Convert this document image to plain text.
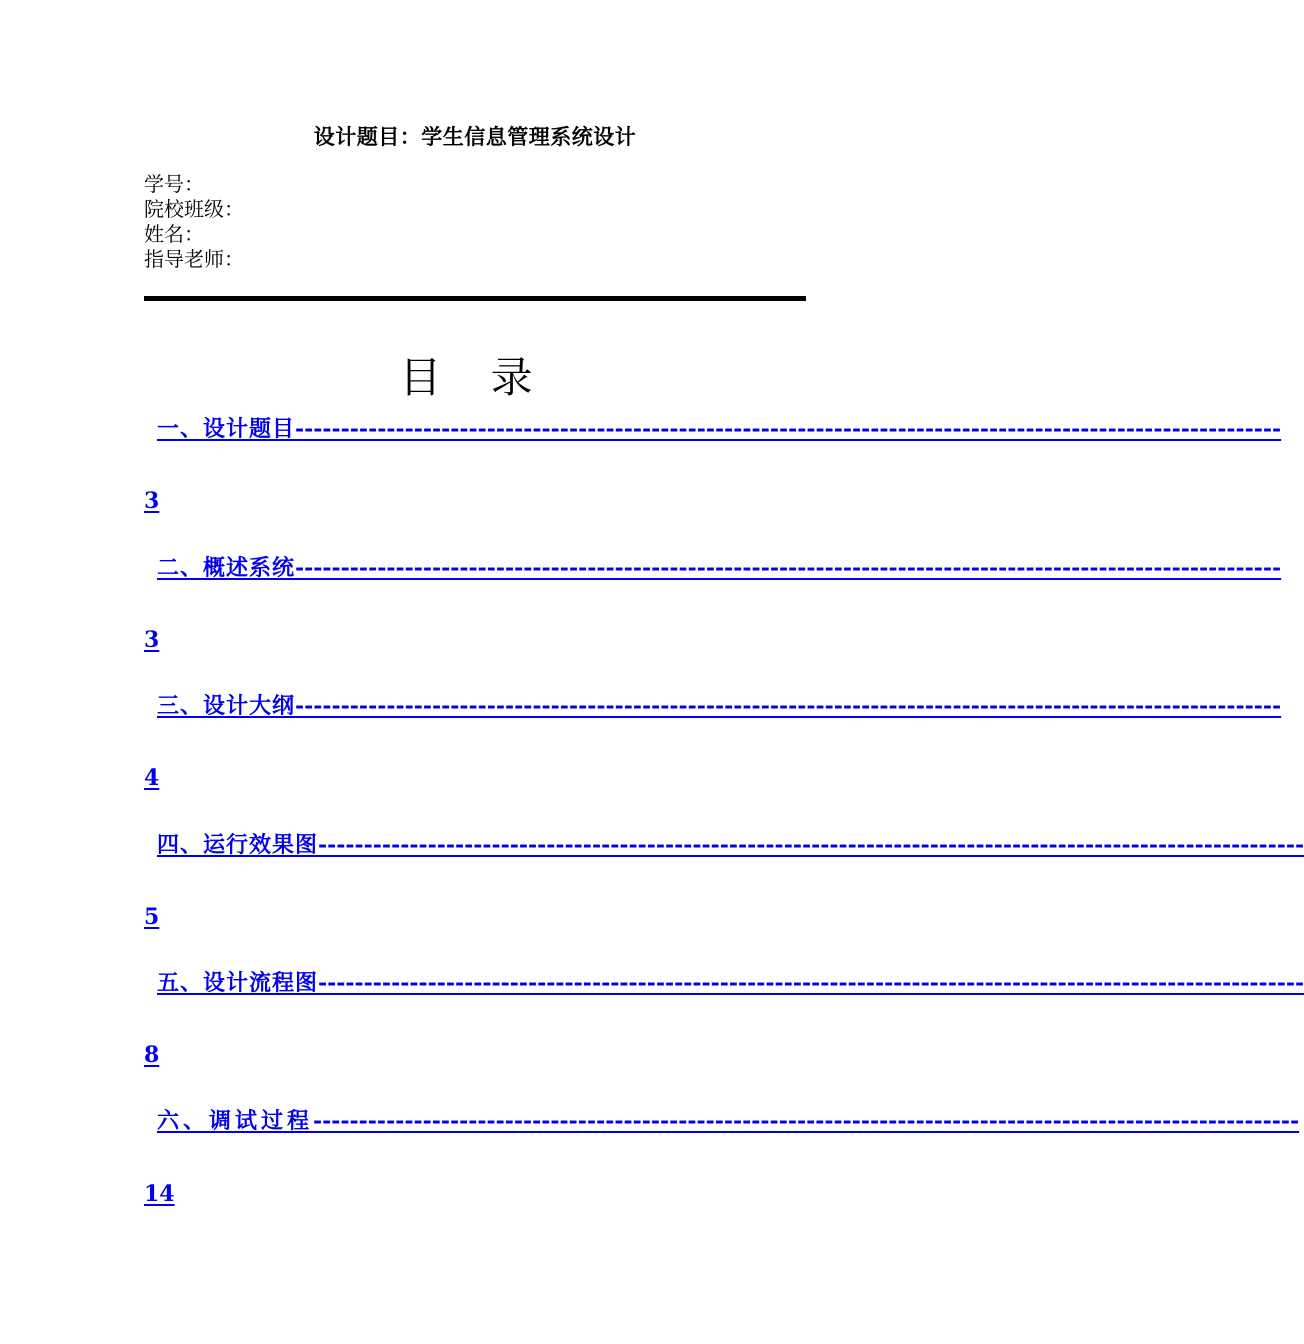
设计题目：学生信息管理系统设计
学号：
院校班级：
姓名：
指导老师：
目 录
一、设计题目 ------------------------------------------------------------------------------------------------------------
3
二、概述系统 ------------------------------------------------------------------------------------------------------------
3
三、设计大纲 ------------------------------------------------------------------------------------------------------------
4
四、运行效果图 ------------------------------------------------------------------------------------------------------------
5
五、设计流程图 ------------------------------------------------------------------------------------------------------------
8
六、调试过程 ------------------------------------------------------------------------------------------------------------
14
